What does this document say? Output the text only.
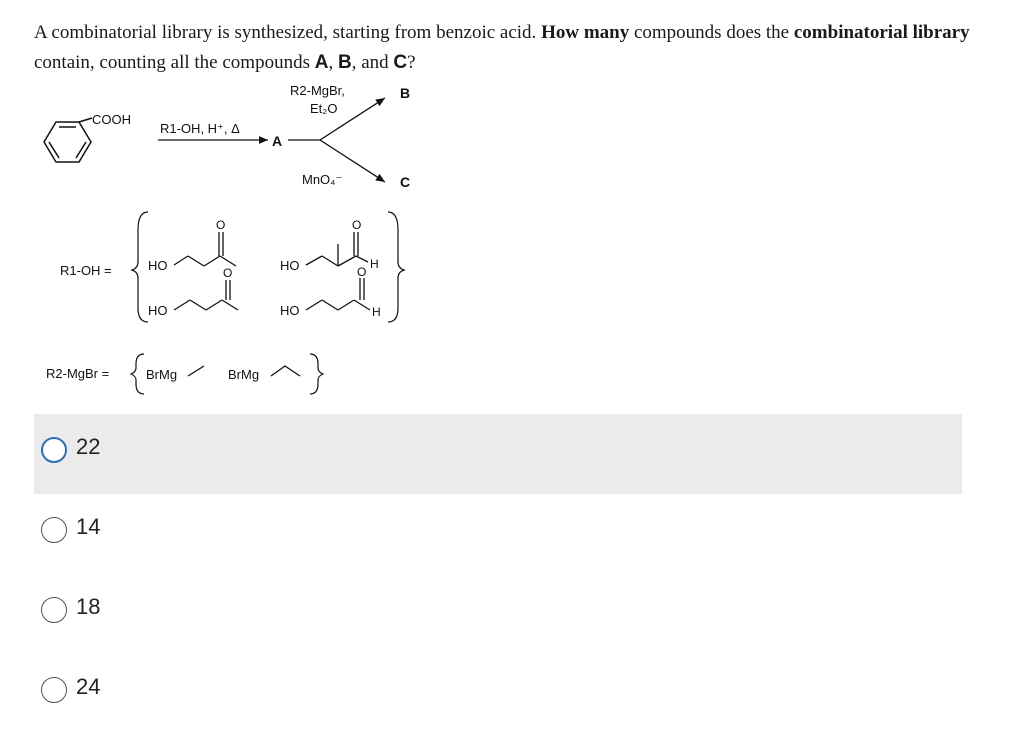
A combinatorial library is synthesized, starting from benzoic acid. How many compounds does the combinatorial library contain, counting all the compounds A, B, and C?
COOH
R1-OH, H⁺, Δ
A
R2-MgBr,
Et₂O
B
MnO₄⁻	C
R1-OH =	HO
O
HO
O
H
HO
O
HO
O
H
R2-MgBr =	BrMg	BrMg
22
14
18
24
